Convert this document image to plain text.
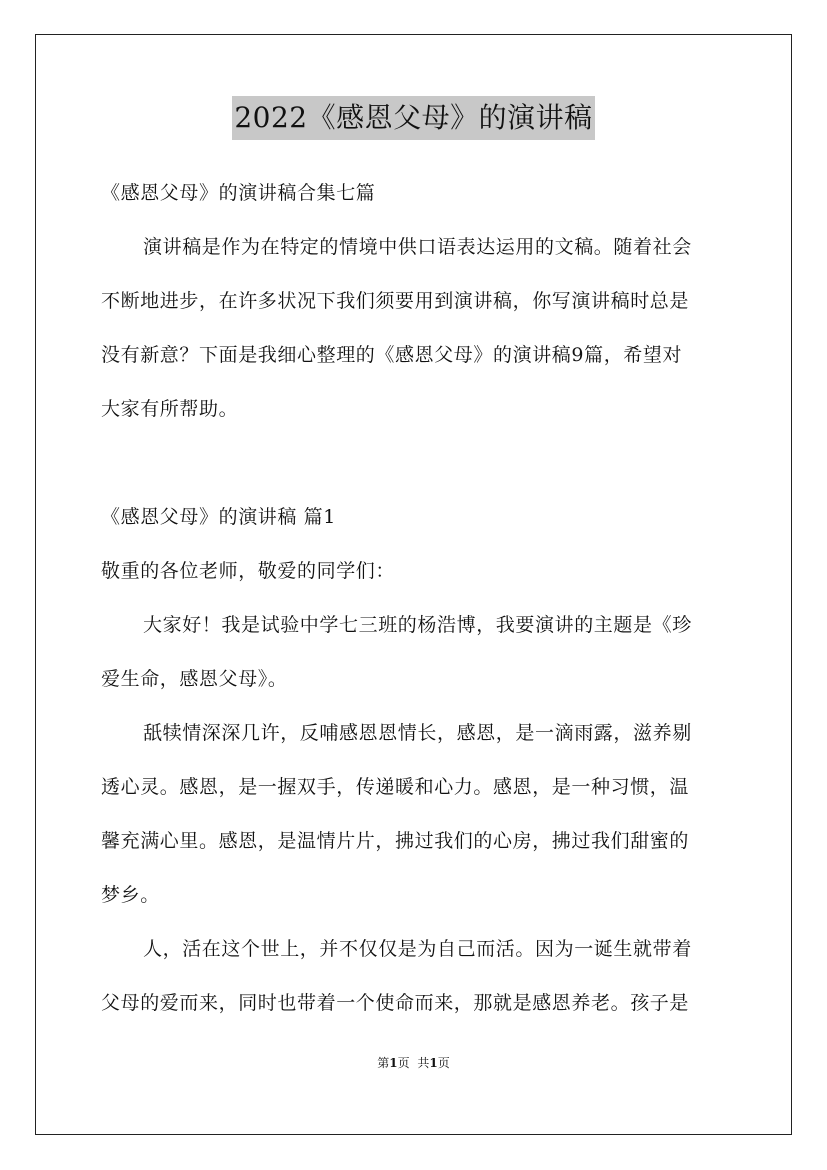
2022《感恩父母》的演讲稿
《感恩父母》的演讲稿合集七篇
演讲稿是作为在特定的情境中供口语表达运用的文稿。随着社会
不断地进步，在许多状况下我们须要用到演讲稿，你写演讲稿时总是
没有新意？下面是我细心整理的《感恩父母》的演讲稿9篇，希望对
大家有所帮助。
《感恩父母》的演讲稿 篇1
敬重的各位老师，敬爱的同学们：
大家好！我是试验中学七三班的杨浩博，我要演讲的主题是《珍
爱生命，感恩父母》。
舐犊情深深几许，反哺感恩恩情长，感恩，是一滴雨露，滋养剔
透心灵。感恩，是一握双手，传递暖和心力。感恩，是一种习惯，温
馨充满心里。感恩，是温情片片，拂过我们的心房，拂过我们甜蜜的
梦乡。
人，活在这个世上，并不仅仅是为自己而活。因为一诞生就带着
父母的爱而来，同时也带着一个使命而来，那就是感恩养老。孩子是
第1页 共1页
